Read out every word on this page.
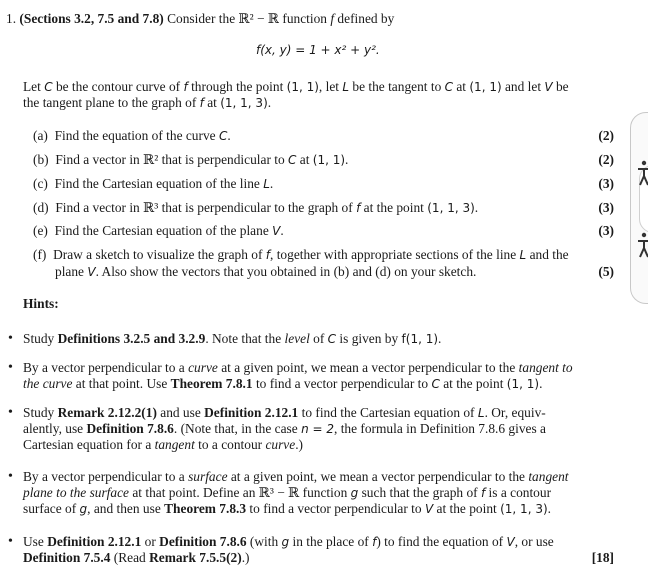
1. (Sections 3.2, 7.5 and 7.8) Consider the ℝ² − ℝ function f defined by
f(x, y) = 1 + x² + y².
Let C be the contour curve of f through the point (1, 1), let L be the tangent to C at (1, 1) and let V be
the tangent plane to the graph of f at (1, 1, 3).
(a) Find the equation of the curve C.	(2)
(b) Find a vector in ℝ² that is perpendicular to C at (1, 1).	(2)
(c) Find the Cartesian equation of the line L.	(3)
(d) Find a vector in ℝ³ that is perpendicular to the graph of f at the point (1, 1, 3).	(3)
(e) Find the Cartesian equation of the plane V.	(3)
(f) Draw a sketch to visualize the graph of f, together with appropriate sections of the line L and the
plane V. Also show the vectors that you obtained in (b) and (d) on your sketch.	(5)
Hints:
• Study Definitions 3.2.5 and 3.2.9. Note that the level of C is given by f(1, 1).
• By a vector perpendicular to a curve at a given point, we mean a vector perpendicular to the tangent to
the curve at that point. Use Theorem 7.8.1 to find a vector perpendicular to C at the point (1, 1).
• Study Remark 2.12.2(1) and use Definition 2.12.1 to find the Cartesian equation of L. Or, equiv-
alently, use Definition 7.8.6. (Note that, in the case n = 2, the formula in Definition 7.8.6 gives a
Cartesian equation for a tangent to a contour curve.)
• By a vector perpendicular to a surface at a given point, we mean a vector perpendicular to the tangent
plane to the surface at that point. Define an ℝ³ − ℝ function g such that the graph of f is a contour
surface of g, and then use Theorem 7.8.3 to find a vector perpendicular to V at the point (1, 1, 3).
• Use Definition 2.12.1 or Definition 7.8.6 (with g in the place of f) to find the equation of V, or use
Definition 7.5.4 (Read Remark 7.5.5(2).)	[18]
